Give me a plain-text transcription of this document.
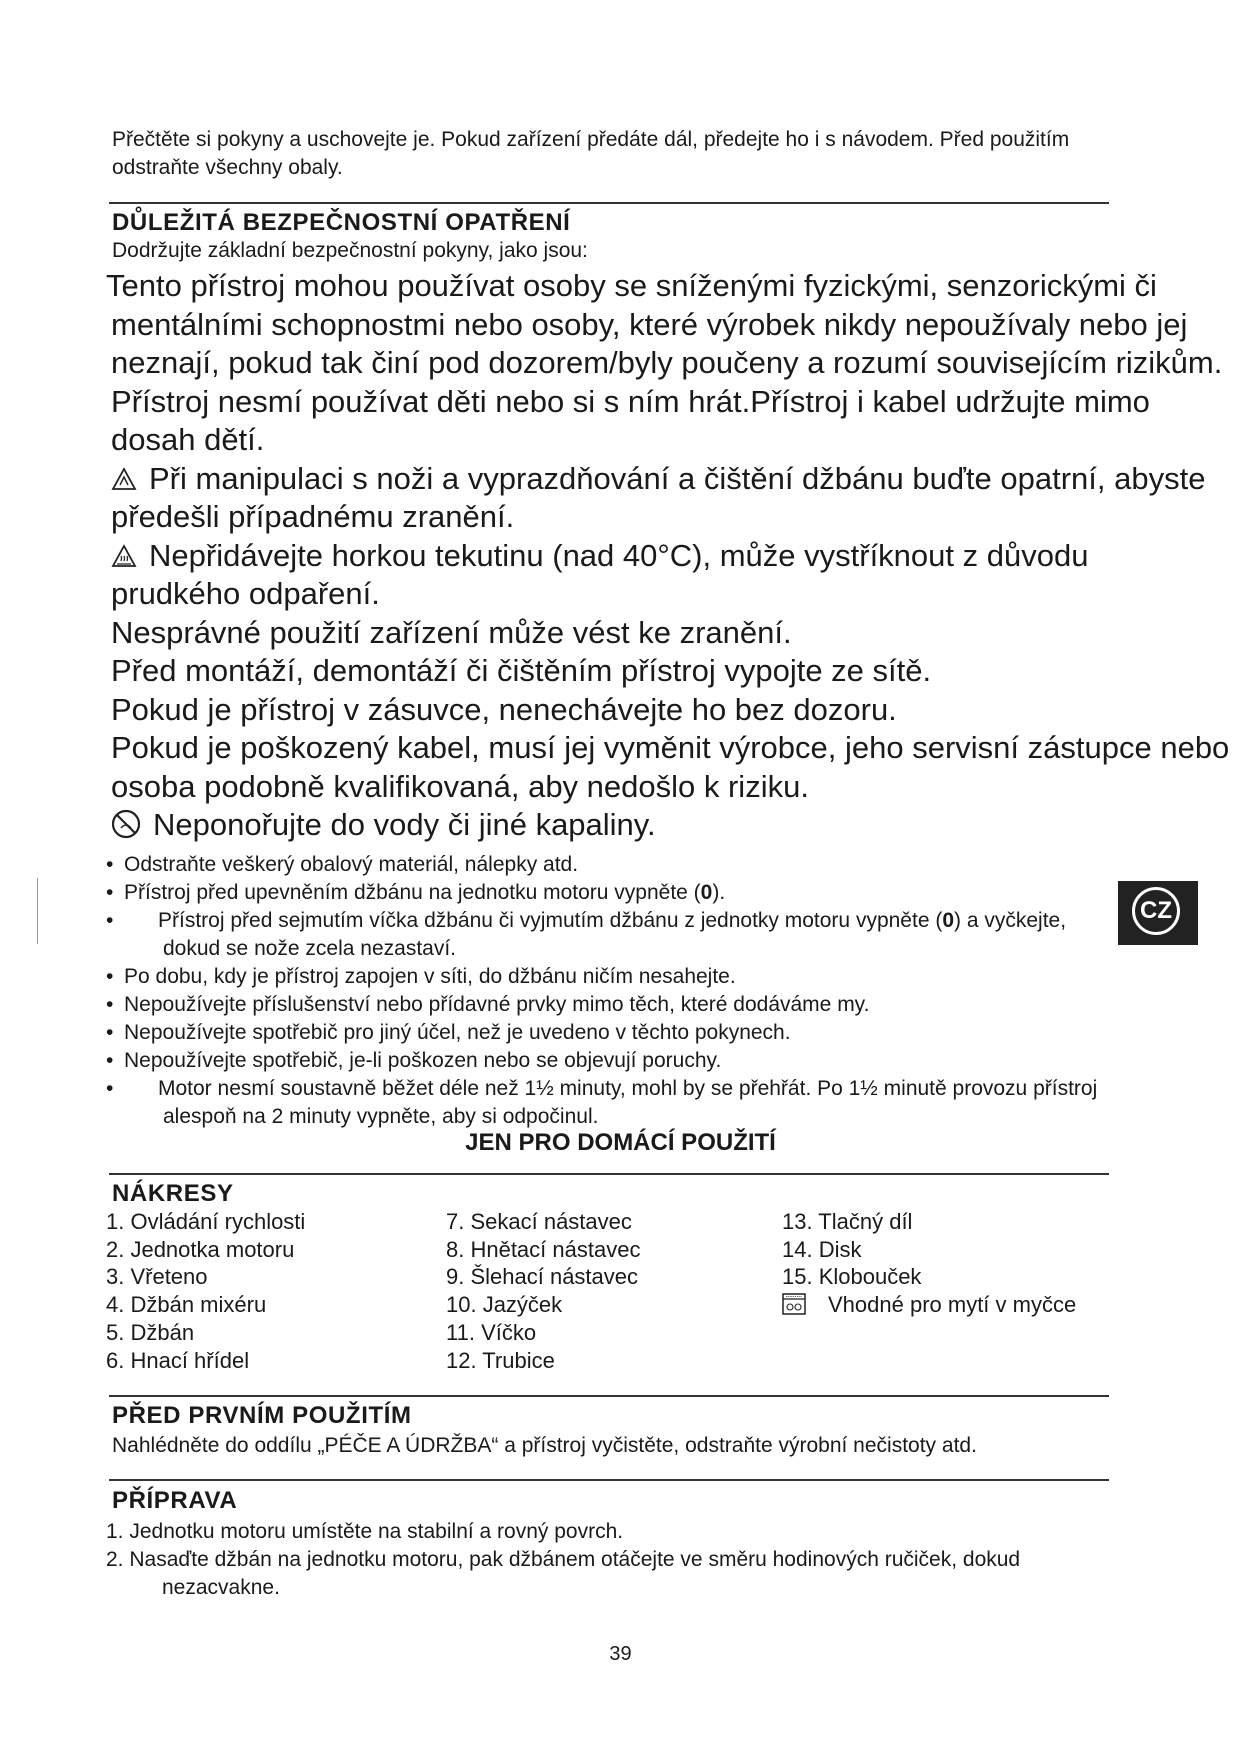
Přečtěte si pokyny a uschovejte je. Pokud zařízení předáte dál, předejte ho i s návodem. Před použitím odstraňte všechny obaly.
DŮLEŽITÁ BEZPEČNOSTNÍ OPATŘENÍ
Dodržujte základní bezpečnostní pokyny, jako jsou:
Tento přístroj mohou používat osoby se sníženými fyzickými, senzorickými či
mentálními schopnostmi nebo osoby, které výrobek nikdy nepoužívaly nebo jej
neznají, pokud tak činí pod dozorem/byly poučeny a rozumí souvisejícím rizikům.
Přístroj nesmí používat děti nebo si s ním hrát.Přístroj i kabel udržujte mimo
dosah dětí.
Při manipulaci s noži a vyprazdňování a čištění džbánu buďte opatrní, abyste
předešli případnému zranění.
Nepřidávejte horkou tekutinu (nad 40°C), může vystříknout z důvodu
prudkého odpaření.
Nesprávné použití zařízení může vést ke zranění.
Před montáží, demontáží či čištěním přístroj vypojte ze sítě.
Pokud je přístroj v zásuvce, nenechávejte ho bez dozoru.
Pokud je poškozený kabel, musí jej vyměnit výrobce, jeho servisní zástupce nebo
osoba podobně kvalifikovaná, aby nedošlo k riziku.
Neponořujte do vody či jiné kapaliny.
• Odstraňte veškerý obalový materiál, nálepky atd.
• Přístroj před upevněním džbánu na jednotku motoru vypněte (0).
• Přístroj před sejmutím víčka džbánu či vyjmutím džbánu z jednotky motoru vypněte (0) a vyčkejte,
dokud se nože zcela nezastaví.
• Po dobu, kdy je přístroj zapojen v síti, do džbánu ničím nesahejte.
• Nepoužívejte příslušenství nebo přídavné prvky mimo těch, které dodáváme my.
• Nepoužívejte spotřebič pro jiný účel, než je uvedeno v těchto pokynech.
• Nepoužívejte spotřebič, je-li poškozen nebo se objevují poruchy.
• Motor nesmí soustavně běžet déle než 1½ minuty, mohl by se přehřát. Po 1½ minutě provozu přístroj
alespoň na 2 minuty vypněte, aby si odpočinul.
JEN PRO DOMÁCÍ POUŽITÍ
CZ
NÁKRESY
1. Ovládání rychlosti
2. Jednotka motoru
3. Vřeteno
4. Džbán mixéru
5. Džbán
6. Hnací hřídel
7. Sekací nástavec
8. Hnětací nástavec
9. Šlehací nástavec
10. Jazýček
11. Víčko
12. Trubice
13. Tlačný díl
14. Disk
15. Klobouček
Vhodné pro mytí v myčce
PŘED PRVNÍM POUŽITÍM
Nahlédněte do oddílu „PÉČE A ÚDRŽBA“ a přístroj vyčistěte, odstraňte výrobní nečistoty atd.
PŘÍPRAVA
1. Jednotku motoru umístěte na stabilní a rovný povrch.
2. Nasaďte džbán na jednotku motoru, pak džbánem otáčejte ve směru hodinových ručiček, dokud
nezacvakne.
39
